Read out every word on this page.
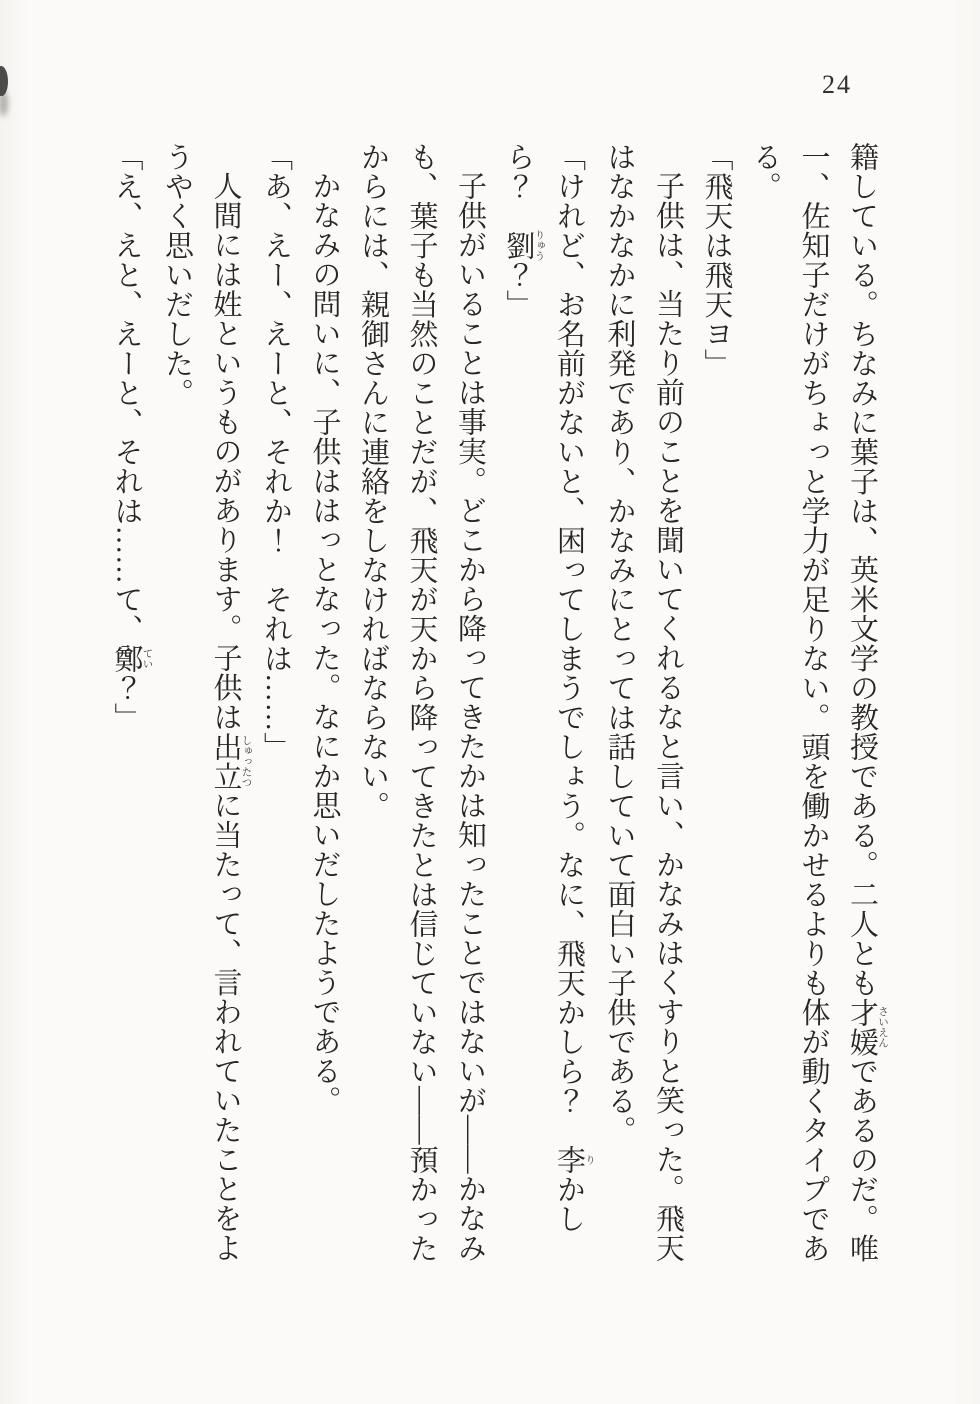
24
籍している。ちなみに葉子は、英米文学の教授である。二人とも才媛 さいえんであるのだ。唯
一、佐知子だけがちょっと学力が足りない。頭を働かせるよりも体が動くタイプであ
る。
「飛天は飛天ヨ」
子供は、当たり前のことを聞いてくれるなと言い、かなみはくすりと笑った。飛天
はなかなかに利発であり、かなみにとっては話していて面白い子供である。
「けれど、お名前がないと、困ってしまうでしょう。なに、飛天かしら？　李 りかし
ら？　劉 りゅう？」
子供がいることは事実。どこから降ってきたかは知ったことではないが――かなみ
も、葉子も当然のことだが、飛天が天から降ってきたとは信じていない――預かった
からには、親御さんに連絡をしなければならない。
かなみの問いに、子供ははっとなった。なにか思いだしたようである。
「あ、えー、えーと、それか！　それは……」
人間には姓というものがあります。子供は出立 しゅったつに当たって、言われていたことをよ
うやく思いだした。
「え、えと、えーと、それは……て、鄭 てい？」
